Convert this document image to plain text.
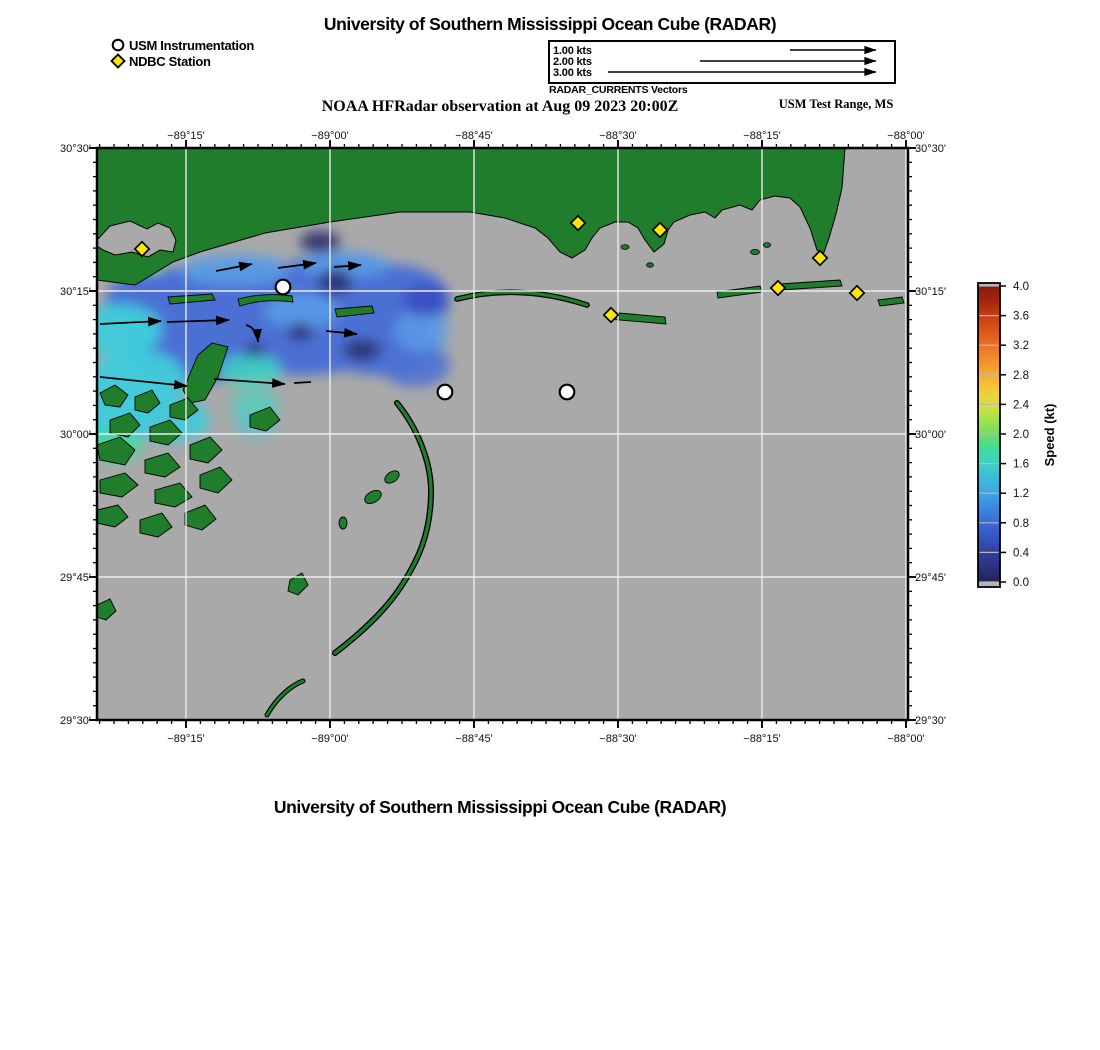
University of Southern Mississippi Ocean Cube (RADAR)
USM Instrumentation
NDBC Station
1.00 kts
2.00 kts
3.00 kts
RADAR_CURRENTS Vectors
NOAA HFRadar observation at Aug 09 2023 20:00Z	USM Test Range, MS
−89°15'	−89°00'	−88°45'	−88°30'	−88°15'	−88°00'
−89°15'	−89°00'	−88°45'	−88°30'	−88°15'	−88°00'
30°30'
30°15'
30°00'
29°45'
29°30'
30°30'
30°15'
30°00'
29°45'
29°30'
4.0
3.6
3.2
2.8
2.4
2.0
1.6
1.2
0.8
0.4
0.0
Speed (kt)
University of Southern Mississippi Ocean Cube (RADAR)
